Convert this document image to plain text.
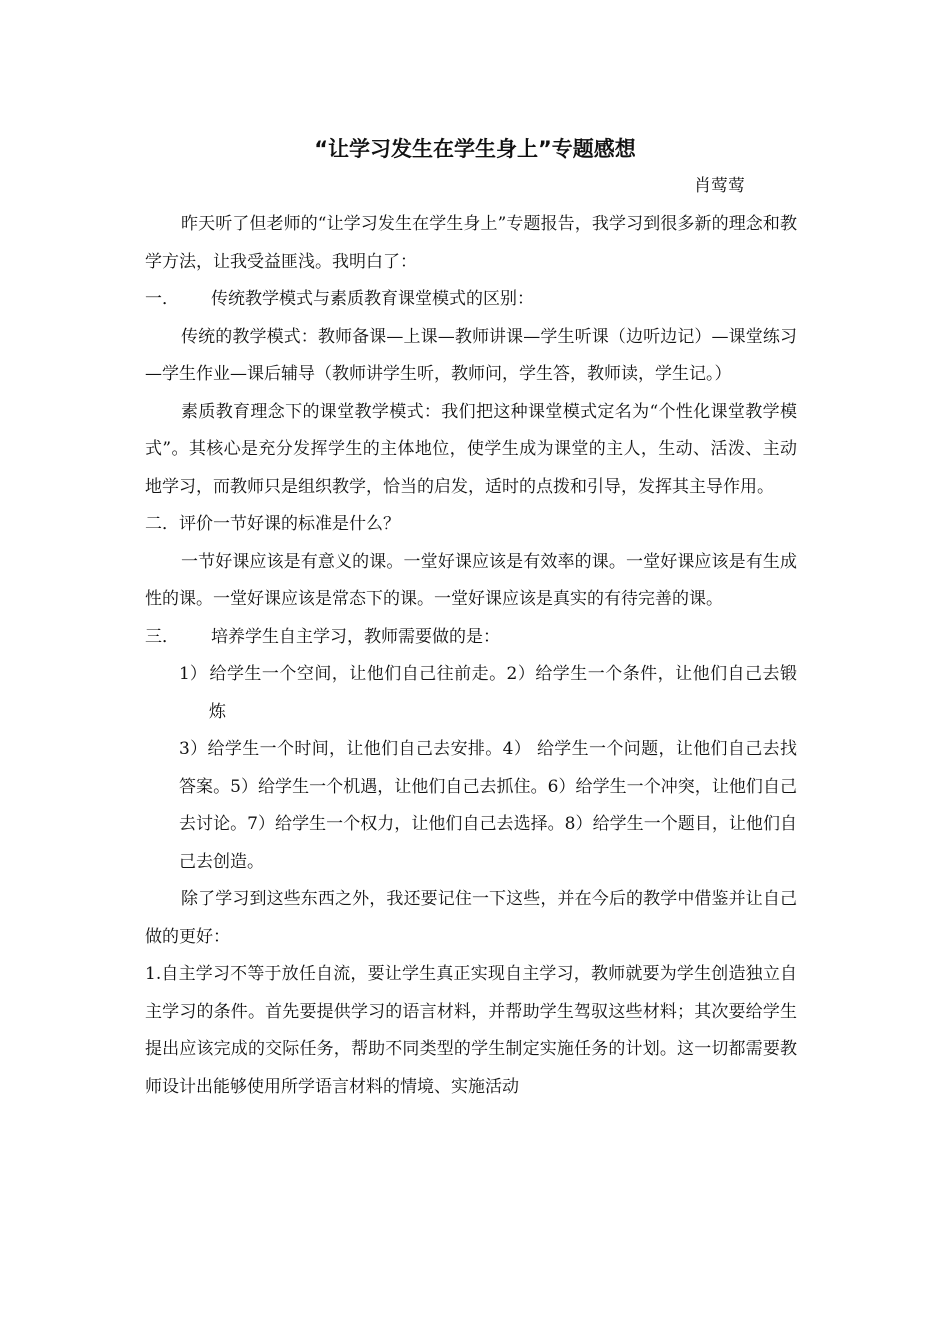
“让学习发生在学生身上”专题感想
肖莺莺

昨天听了但老师的“让学习发生在学生身上”专题报告，我学习到很多新的理念和教学方法，让我受益匪浅。我明白了：

一． 传统教学模式与素质教育课堂模式的区别：

传统的教学模式：教师备课—上课—教师讲课—学生听课（边听边记）—课堂练习—学生作业—课后辅导（教师讲学生听，教师问，学生答，教师读，学生记。）

素质教育理念下的课堂教学模式：我们把这种课堂模式定名为“个性化课堂教学模式”。其核心是充分发挥学生的主体地位，使学生成为课堂的主人，生动、活泼、主动地学习，而教师只是组织教学，恰当的启发，适时的点拨和引导，发挥其主导作用。

二．评价一节好课的标准是什么？

一节好课应该是有意义的课。一堂好课应该是有效率的课。一堂好课应该是有生成性的课。一堂好课应该是常态下的课。一堂好课应该是真实的有待完善的课。

三． 培养学生自主学习，教师需要做的是：

1） 给学生一个空间，让他们自己往前走。2）给学生一个条件，让他们自己去锻炼

3）给学生一个时间，让他们自己去安排。4） 给学生一个问题，让他们自己去找答案。5）给学生一个机遇，让他们自己去抓住。6）给学生一个冲突，让他们自己去讨论。7）给学生一个权力，让他们自己去选择。8）给学生一个题目，让他们自己去创造。

除了学习到这些东西之外，我还要记住一下这些，并在今后的教学中借鉴并让自己做的更好：

1.自主学习不等于放任自流，要让学生真正实现自主学习，教师就要为学生创造独立自主学习的条件。首先要提供学习的语言材料，并帮助学生驾驭这些材料；其次要给学生提出应该完成的交际任务，帮助不同类型的学生制定实施任务的计划。这一切都需要教师设计出能够使用所学语言材料的情境、实施活动
